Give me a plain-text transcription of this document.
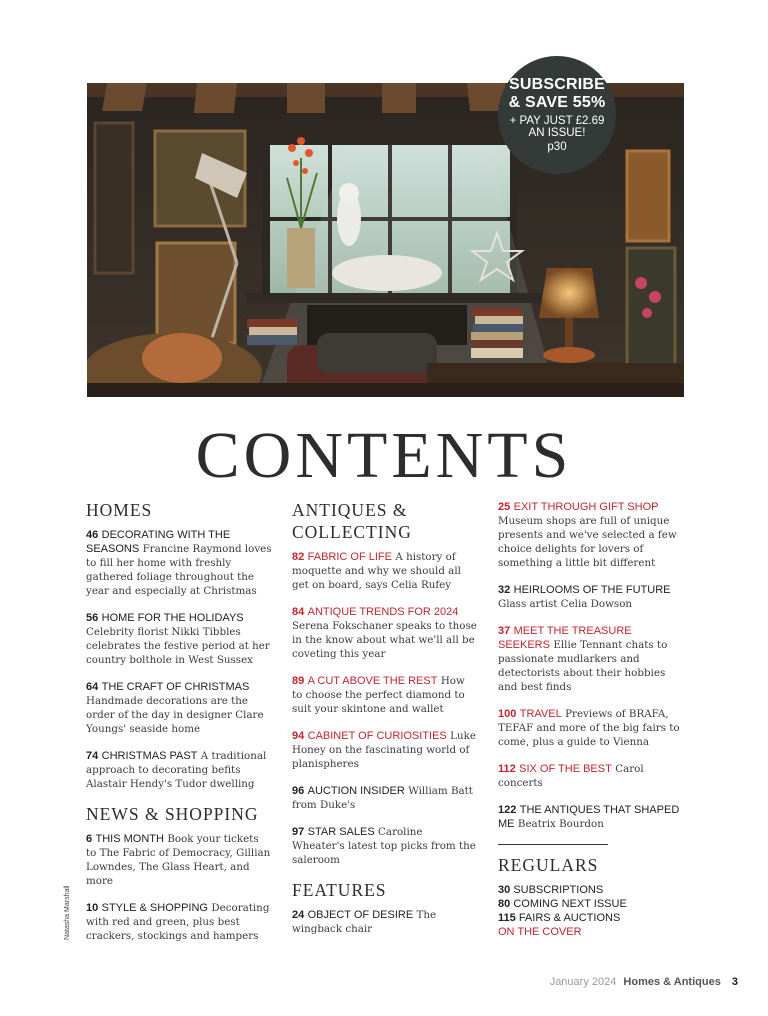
SUBSCRIBE
& SAVE 55%
+ PAY JUST £2.69
AN ISSUE!
p30
CONTENTS
HOMES
46 DECORATING WITH THE SEASONS Francine Raymond loves to fill her home with freshly gathered foliage throughout the year and especially at Christmas
56 HOME FOR THE HOLIDAYS Celebrity florist Nikki Tibbles celebrates the festive period at her country bolthole in West Sussex
64 THE CRAFT OF CHRISTMAS Handmade decorations are the order of the day in designer Clare Youngs' seaside home
74 CHRISTMAS PAST A traditional approach to decorating befits Alastair Hendy's Tudor dwelling
NEWS & SHOPPING
6 THIS MONTH Book your tickets to The Fabric of Democracy, Gillian Lowndes, The Glass Heart, and more
10 STYLE & SHOPPING Decorating with red and green, plus best crackers, stockings and hampers
ANTIQUES & COLLECTING
82 FABRIC OF LIFE A history of moquette and why we should all get on board, says Celia Rufey
84 ANTIQUE TRENDS FOR 2024 Serena Fokschaner speaks to those in the know about what we'll all be coveting this year
89 A CUT ABOVE THE REST How to choose the perfect diamond to suit your skintone and wallet
94 CABINET OF CURIOSITIES Luke Honey on the fascinating world of planispheres
96 AUCTION INSIDER William Batt from Duke's
97 STAR SALES Caroline Wheater's latest top picks from the saleroom
FEATURES
24 OBJECT OF DESIRE The wingback chair
25 EXIT THROUGH GIFT SHOP Museum shops are full of unique presents and we've selected a few choice delights for lovers of something a little bit different
32 HEIRLOOMS OF THE FUTURE Glass artist Celia Dowson
37 MEET THE TREASURE SEEKERS Ellie Tennant chats to passionate mudlarkers and detectorists about their hobbies and best finds
100 TRAVEL Previews of BRAFA, TEFAF and more of the big fairs to come, plus a guide to Vienna
112 SIX OF THE BEST Carol concerts
122 THE ANTIQUES THAT SHAPED ME Beatrix Bourdon
REGULARS
30 SUBSCRIPTIONS
80 COMING NEXT ISSUE
115 FAIRS & AUCTIONS
ON THE COVER
Natasha Marshall
January 2024 Homes & Antiques 3
